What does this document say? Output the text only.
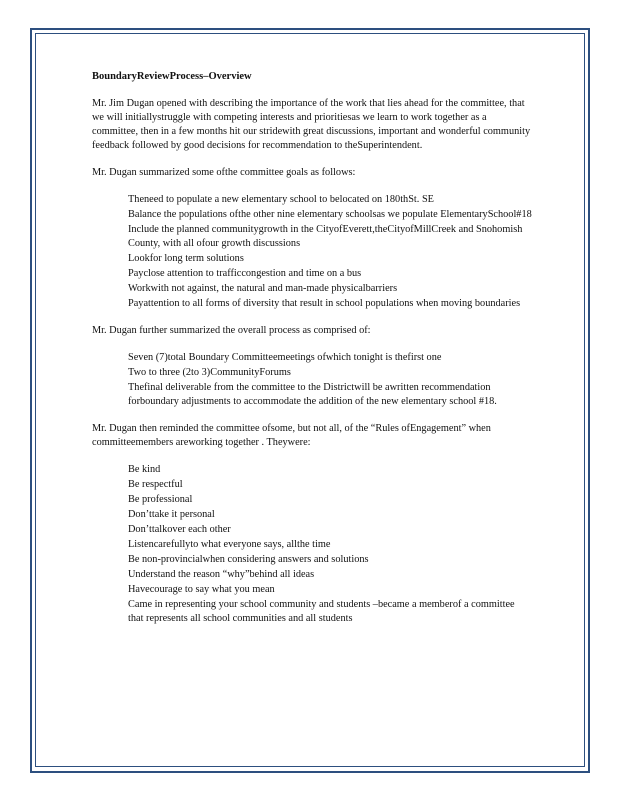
BoundaryReviewProcess–Overview

Mr. Jim Dugan opened with describing the importance of the work that lies ahead for the committee, that we will initiallystruggle with competing interests and prioritiesas we learn to work together as a committee, then in a few months hit our stridewith great discussions, important and wonderful community feedback followed by good decisions for recommendation to theSuperintendent.

Mr. Dugan summarized some ofthe committee goals as follows:

Theneed to populate a new elementary school to belocated on 180thSt. SE
Balance the populations ofthe other nine elementary schoolsas we populate ElementarySchool#18
Include the planned communitygrowth in the CityofEverett,theCityofMillCreek and Snohomish County, with all ofour growth discussions
Lookfor long term solutions
Payclose attention to trafficcongestion and time on a bus
Workwith not against, the natural and man-made physicalbarriers
Payattention to all forms of diversity that result in school populations when moving boundaries

Mr. Dugan further summarized the overall process as comprised of:

Seven (7)total Boundary Committeemeetings ofwhich tonight is thefirst one
Two to three (2to 3)CommunityForums
Thefinal deliverable from the committee to the Districtwill be awritten recommendation forboundary adjustments to accommodate the addition of the new elementary school #18.

Mr. Dugan then reminded the committee ofsome, but not all, of the “Rules ofEngagement” when committeemembers areworking together . Theywere:

Be kind
Be respectful
Be professional
Don’ttake it personal
Don’ttalkover each other
Listencarefullyto what everyone says, allthe time
Be non-provincialwhen considering answers and solutions
Understand the reason “why”behind all ideas
Havecourage to say what you mean
Came in representing your school community and students –became a memberof a committee that represents all school communities and all students
